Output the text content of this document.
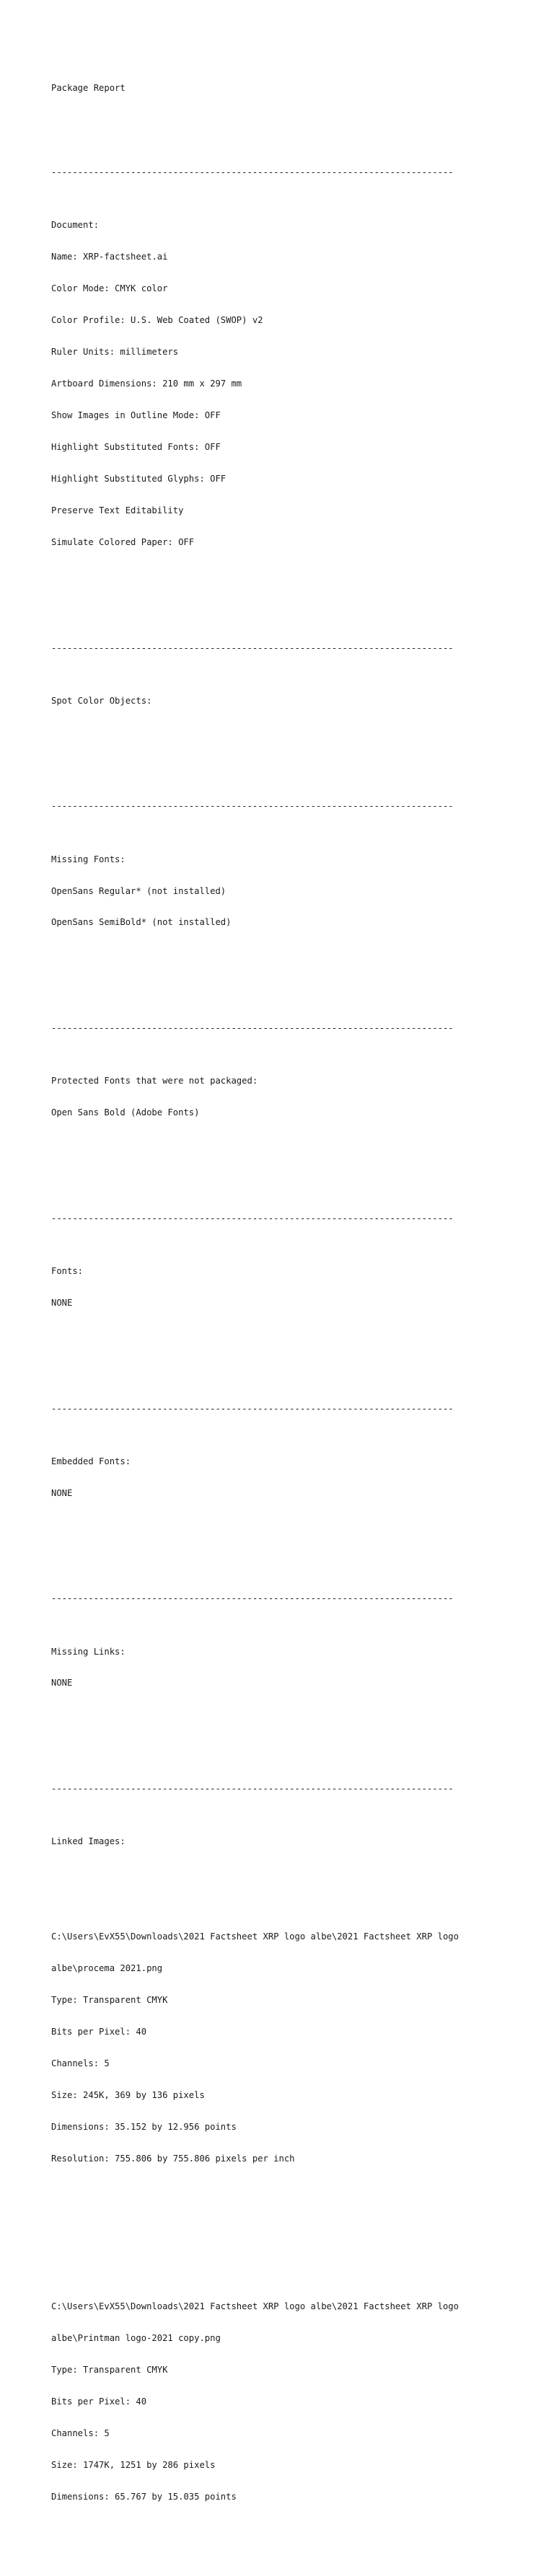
Package Report

----------------------------------------------------------------------------

Document:

Name: XRP-factsheet.ai

Color Mode: CMYK color

Color Profile: U.S. Web Coated (SWOP) v2

Ruler Units: millimeters

Artboard Dimensions: 210 mm x 297 mm

Show Images in Outline Mode: OFF

Highlight Substituted Fonts: OFF

Highlight Substituted Glyphs: OFF

Preserve Text Editability

Simulate Colored Paper: OFF

----------------------------------------------------------------------------

Spot Color Objects:

----------------------------------------------------------------------------

Missing Fonts:

OpenSans Regular* (not installed)

OpenSans SemiBold* (not installed)

----------------------------------------------------------------------------

Protected Fonts that were not packaged:

Open Sans Bold (Adobe Fonts)

----------------------------------------------------------------------------

Fonts:

NONE

----------------------------------------------------------------------------

Embedded Fonts:

NONE

----------------------------------------------------------------------------

Missing Links:

NONE

----------------------------------------------------------------------------

Linked Images:

C:\Users\EvX55\Downloads\2021 Factsheet XRP logo albe\2021 Factsheet XRP logo

albe\procema 2021.png

Type: Transparent CMYK

Bits per Pixel: 40

Channels: 5

Size: 245K, 369 by 136 pixels

Dimensions: 35.152 by 12.956 points

Resolution: 755.806 by 755.806 pixels per inch

C:\Users\EvX55\Downloads\2021 Factsheet XRP logo albe\2021 Factsheet XRP logo

albe\Printman logo-2021 copy.png

Type: Transparent CMYK

Bits per Pixel: 40

Channels: 5

Size: 1747K, 1251 by 286 pixels

Dimensions: 65.767 by 15.035 points
